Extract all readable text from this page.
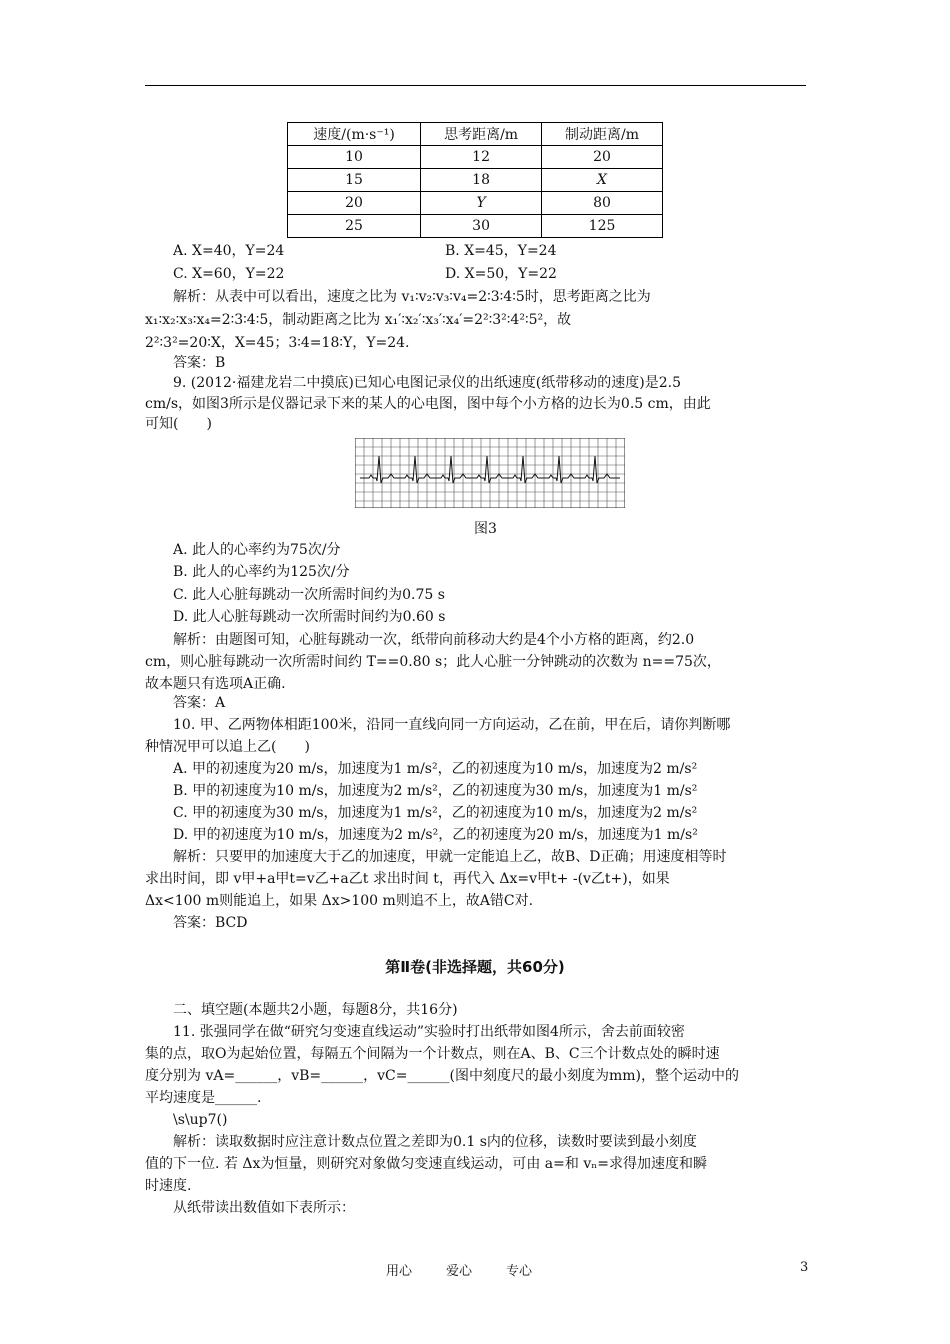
速度/(m·s⁻¹)	思考距离/m	制动距离/m
10	12	20
15	18	X
20	Y	80
25	30	125
A. X=40，Y=24	B. X=45，Y=24
C. X=60，Y=22	D. X=50，Y=22
解析：从表中可以看出，速度之比为 v₁∶v₂∶v₃∶v₄=2∶3∶4∶5时，思考距离之比为
x₁∶x₂∶x₃∶x₄=2∶3∶4∶5，制动距离之比为 x₁′∶x₂′∶x₃′∶x₄′=2²∶3²∶4²∶5²，故
2²∶3²=20∶X，X=45；3∶4=18∶Y，Y=24.
答案：B
9. (2012·福建龙岩二中摸底)已知心电图记录仪的出纸速度(纸带移动的速度)是2.5
cm/s，如图3所示是仪器记录下来的某人的心电图，图中每个小方格的边长为0.5 cm，由此
可知(　　)
图3
A. 此人的心率约为75次/分
B. 此人的心率约为125次/分
C. 此人心脏每跳动一次所需时间约为0.75 s
D. 此人心脏每跳动一次所需时间约为0.60 s
解析：由题图可知，心脏每跳动一次，纸带向前移动大约是4个小方格的距离，约2.0
cm，则心脏每跳动一次所需时间约 T==0.80 s；此人心脏一分钟跳动的次数为 n==75次，
故本题只有选项A正确.
答案：A
10. 甲、乙两物体相距100米，沿同一直线向同一方向运动，乙在前，甲在后，请你判断哪
种情况甲可以追上乙(　　)
A. 甲的初速度为20 m/s，加速度为1 m/s²，乙的初速度为10 m/s，加速度为2 m/s²
B. 甲的初速度为10 m/s，加速度为2 m/s²，乙的初速度为30 m/s，加速度为1 m/s²
C. 甲的初速度为30 m/s，加速度为1 m/s²，乙的初速度为10 m/s，加速度为2 m/s²
D. 甲的初速度为10 m/s，加速度为2 m/s²，乙的初速度为20 m/s，加速度为1 m/s²
解析：只要甲的加速度大于乙的加速度，甲就一定能追上乙，故B、D正确；用速度相等时
求出时间，即 v甲+a甲t=v乙+a乙t 求出时间 t，再代入 Δx=v甲t+ -(v乙t+)，如果
Δx<100 m则能追上，如果 Δx>100 m则追不上，故A错C对.
答案：BCD
第Ⅱ卷(非选择题，共60分)
二、填空题(本题共2小题，每题8分，共16分)
11. 张强同学在做“研究匀变速直线运动”实验时打出纸带如图4所示，舍去前面较密
集的点，取O为起始位置，每隔五个间隔为一个计数点，则在A、B、C三个计数点处的瞬时速
度分别为 vA=______，vB=______，vC=______(图中刻度尺的最小刻度为mm)，整个运动中的
平均速度是______.
\s\up7()
解析：读取数据时应注意计数点位置之差即为0.1 s内的位移，读数时要读到最小刻度
值的下一位. 若 Δx为恒量，则研究对象做匀变速直线运动，可由 a=和 vₙ=求得加速度和瞬
时速度.
从纸带读出数值如下表所示：
用心	爱心	专心	3
